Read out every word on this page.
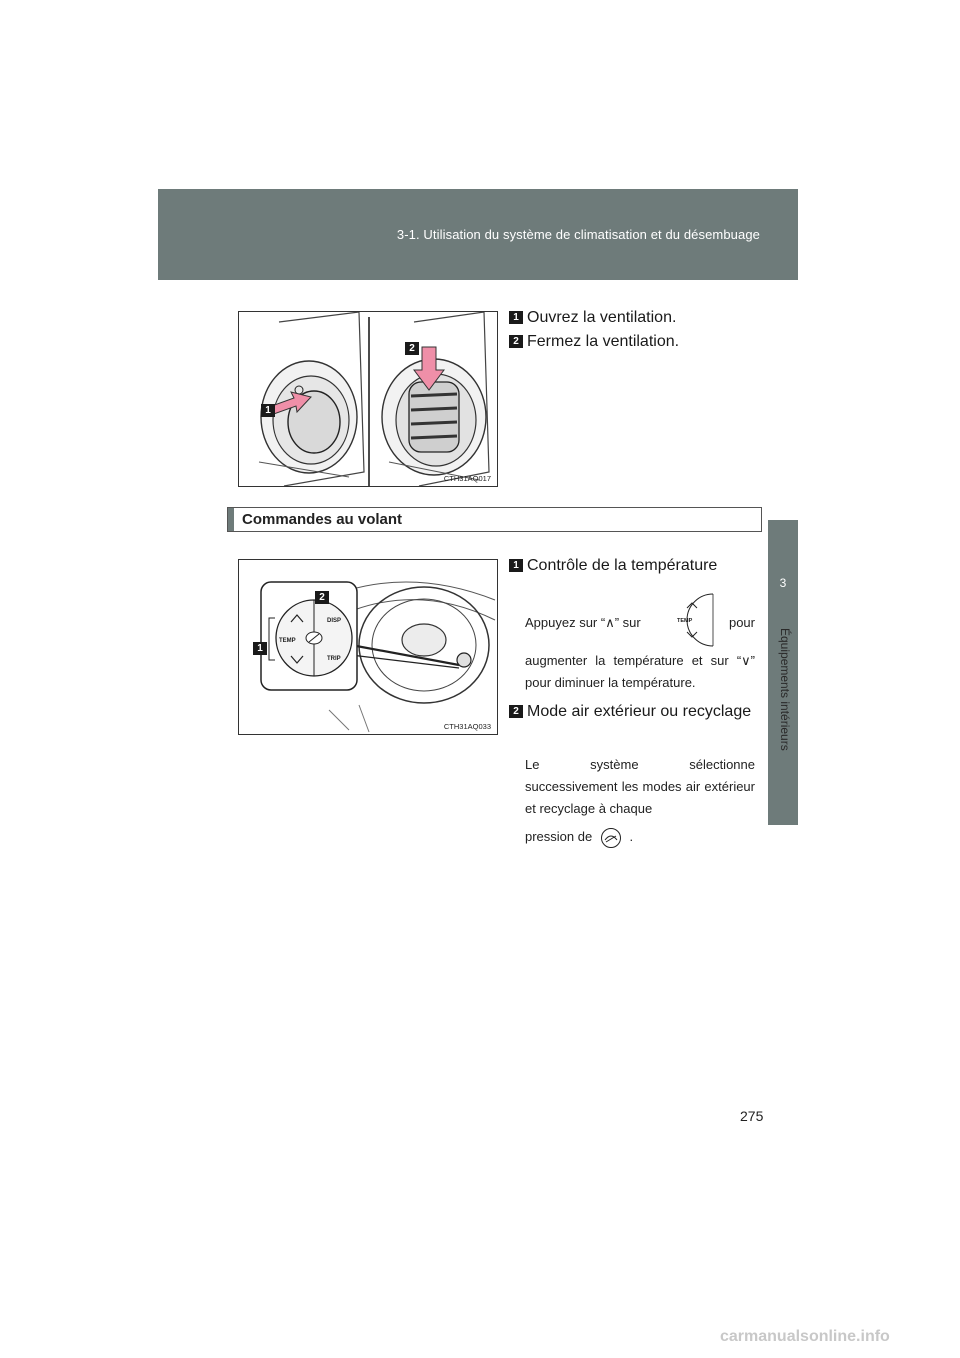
3-1. Utilisation du système de climatisation et du désembuage
3
Équipements intérieurs
1
2
CTH31AQ017
1 Ouvrez la ventilation.
2 Fermez la ventilation.
Commandes au volant
TEMP
DISP
TRIP
1
2
CTH31AQ033
1 Contrôle de la température
Appuyez sur “∧” sur	TEMP	pour
augmenter la température et sur “∨” pour diminuer la température.
2 Mode air extérieur ou recyclage
Le système sélectionne successivement les modes air extérieur et recyclage à chaque
pression de	.
275
carmanualsonline.info
